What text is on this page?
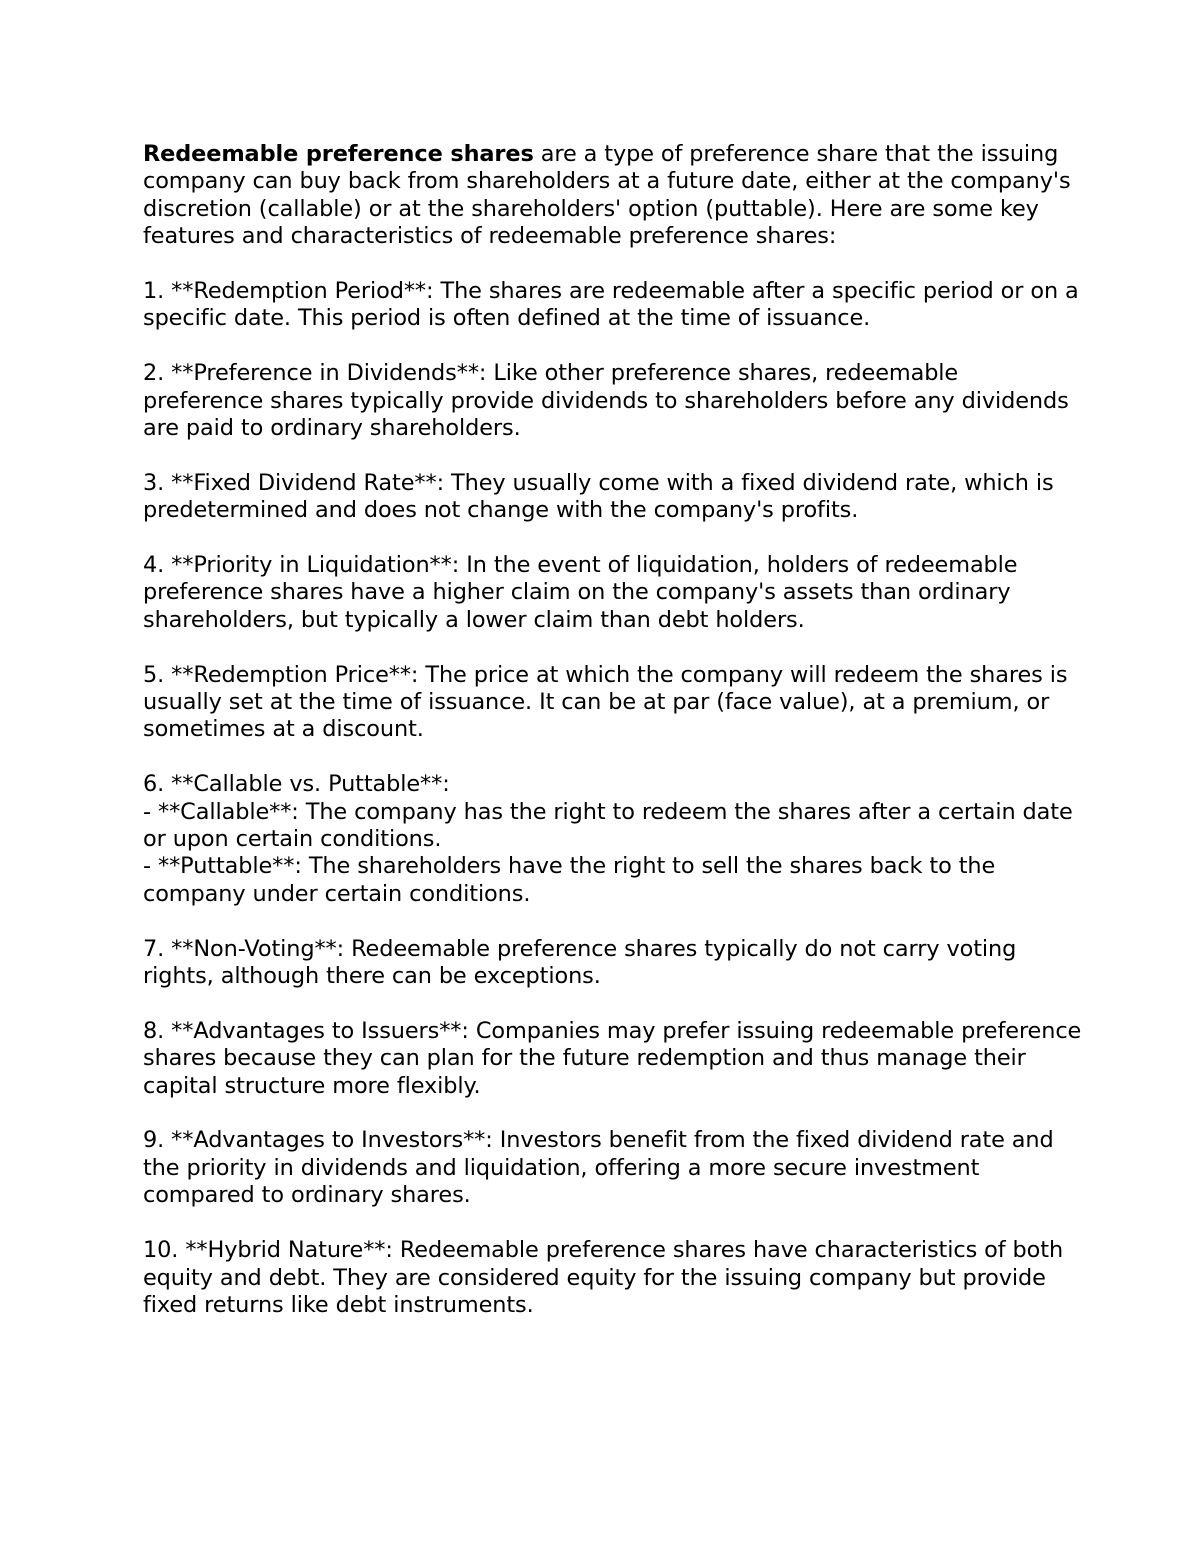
Redeemable preference shares are a type of preference share that the issuing company can buy back from shareholders at a future date, either at the company's discretion (callable) or at the shareholders' option (puttable). Here are some key features and characteristics of redeemable preference shares:

1. **Redemption Period**: The shares are redeemable after a specific period or on a specific date. This period is often defined at the time of issuance.

2. **Preference in Dividends**: Like other preference shares, redeemable preference shares typically provide dividends to shareholders before any dividends are paid to ordinary shareholders.

3. **Fixed Dividend Rate**: They usually come with a fixed dividend rate, which is predetermined and does not change with the company's profits.

4. **Priority in Liquidation**: In the event of liquidation, holders of redeemable preference shares have a higher claim on the company's assets than ordinary shareholders, but typically a lower claim than debt holders.

5. **Redemption Price**: The price at which the company will redeem the shares is usually set at the time of issuance. It can be at par (face value), at a premium, or sometimes at a discount.

6. **Callable vs. Puttable**:
- **Callable**: The company has the right to redeem the shares after a certain date or upon certain conditions.
- **Puttable**: The shareholders have the right to sell the shares back to the company under certain conditions.

7. **Non-Voting**: Redeemable preference shares typically do not carry voting rights, although there can be exceptions.

8. **Advantages to Issuers**: Companies may prefer issuing redeemable preference shares because they can plan for the future redemption and thus manage their capital structure more flexibly.

9. **Advantages to Investors**: Investors benefit from the fixed dividend rate and the priority in dividends and liquidation, offering a more secure investment compared to ordinary shares.

10. **Hybrid Nature**: Redeemable preference shares have characteristics of both equity and debt. They are considered equity for the issuing company but provide fixed returns like debt instruments.
